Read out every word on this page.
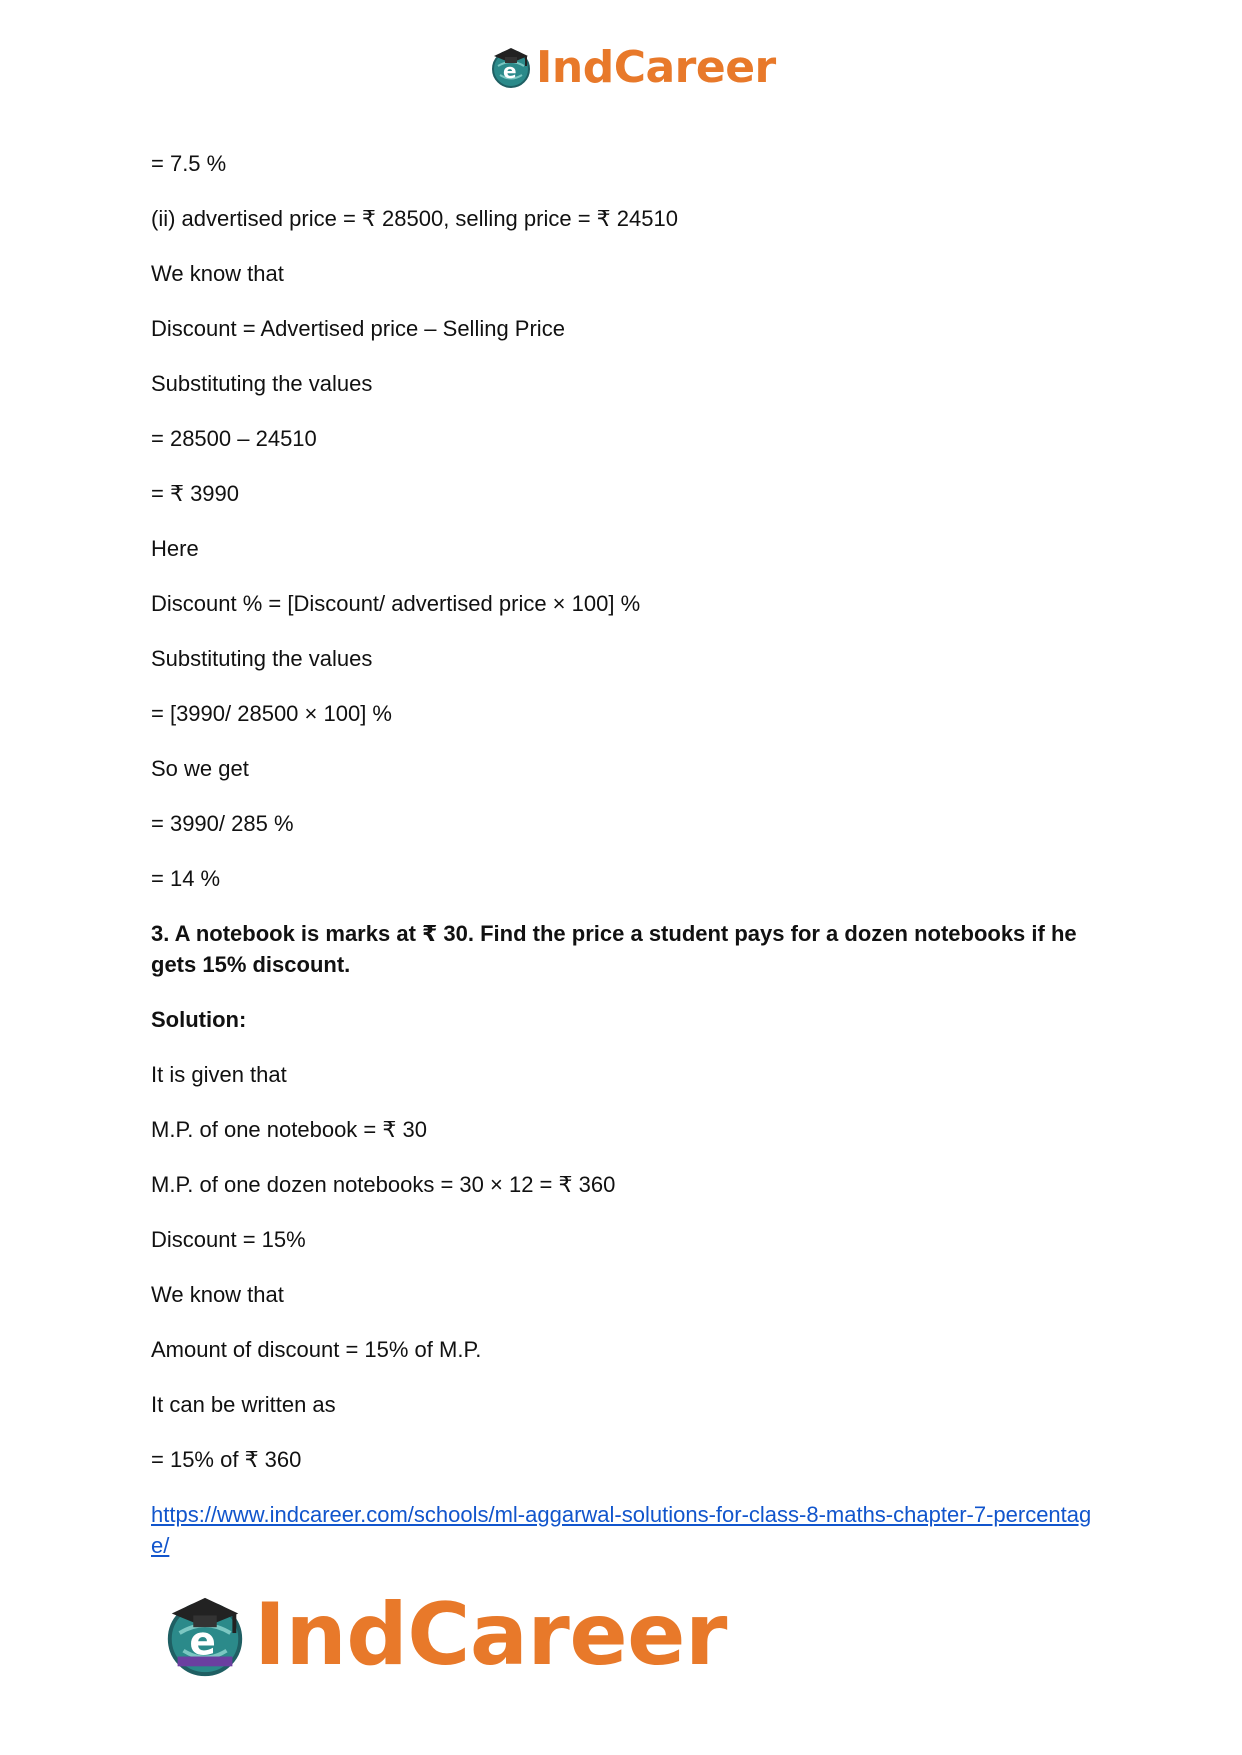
e IndCareer
= 7.5 %
(ii) advertised price = ₹ 28500, selling price = ₹ 24510
We know that
Discount = Advertised price – Selling Price
Substituting the values
= 28500 – 24510
= ₹ 3990
Here
Discount % = [Discount/ advertised price × 100] %
Substituting the values
= [3990/ 28500 × 100] %
So we get
= 3990/ 285 %
= 14 %
3. A notebook is marks at ₹ 30. Find the price a student pays for a dozen notebooks if he gets 15% discount.
Solution:
It is given that
M.P. of one notebook = ₹ 30
M.P. of one dozen notebooks = 30 × 12 = ₹ 360
Discount = 15%
We know that
Amount of discount = 15% of M.P.
It can be written as
= 15% of ₹ 360
https://www.indcareer.com/schools/ml-aggarwal-solutions-for-class-8-maths-chapter-7-percentage/
e IndCareer
